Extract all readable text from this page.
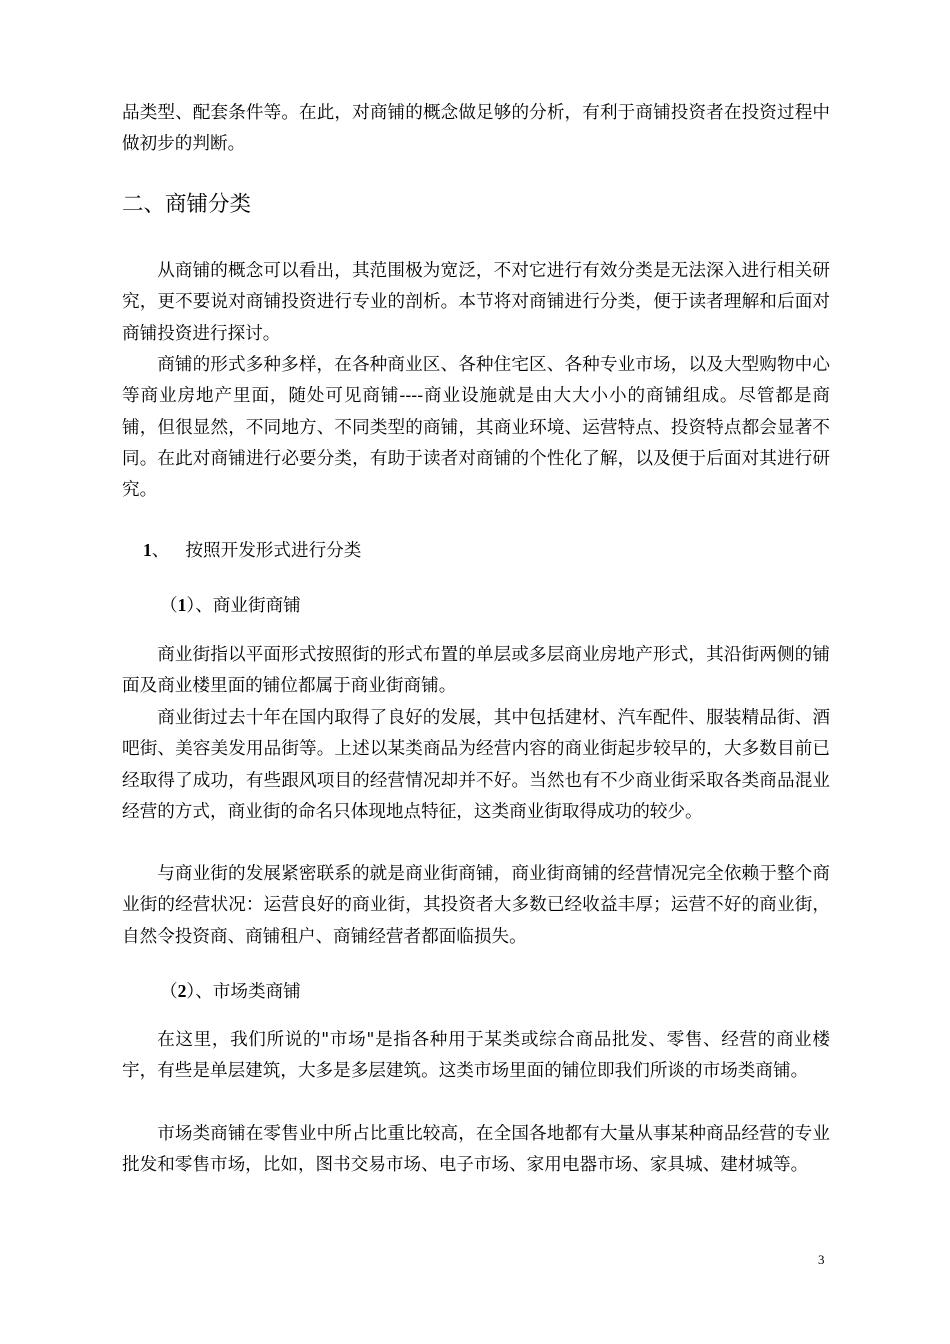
品类型、配套条件等。在此，对商铺的概念做足够的分析，有利于商铺投资者在投资过程中做初步的判断。

二、商铺分类

从商铺的概念可以看出，其范围极为宽泛，不对它进行有效分类是无法深入进行相关研究，更不要说对商铺投资进行专业的剖析。本节将对商铺进行分类，便于读者理解和后面对商铺投资进行探讨。

商铺的形式多种多样，在各种商业区、各种住宅区、各种专业市场，以及大型购物中心等商业房地产里面，随处可见商铺----商业设施就是由大大小小的商铺组成。尽管都是商铺，但很显然，不同地方、不同类型的商铺，其商业环境、运营特点、投资特点都会显著不同。在此对商铺进行必要分类，有助于读者对商铺的个性化了解，以及便于后面对其进行研究。

1、 按照开发形式进行分类
（1）、商业街商铺

商业街指以平面形式按照街的形式布置的单层或多层商业房地产形式，其沿街两侧的铺面及商业楼里面的铺位都属于商业街商铺。

商业街过去十年在国内取得了良好的发展，其中包括建材、汽车配件、服装精品街、酒吧街、美容美发用品街等。上述以某类商品为经营内容的商业街起步较早的，大多数目前已经取得了成功，有些跟风项目的经营情况却并不好。当然也有不少商业街采取各类商品混业经营的方式，商业街的命名只体现地点特征，这类商业街取得成功的较少。

与商业街的发展紧密联系的就是商业街商铺，商业街商铺的经营情况完全依赖于整个商业街的经营状况：运营良好的商业街，其投资者大多数已经收益丰厚；运营不好的商业街，自然令投资商、商铺租户、商铺经营者都面临损失。

（2）、市场类商铺

在这里，我们所说的"市场"是指各种用于某类或综合商品批发、零售、经营的商业楼宇，有些是单层建筑，大多是多层建筑。这类市场里面的铺位即我们所谈的市场类商铺。

市场类商铺在零售业中所占比重比较高，在全国各地都有大量从事某种商品经营的专业批发和零售市场，比如，图书交易市场、电子市场、家用电器市场、家具城、建材城等。

3
